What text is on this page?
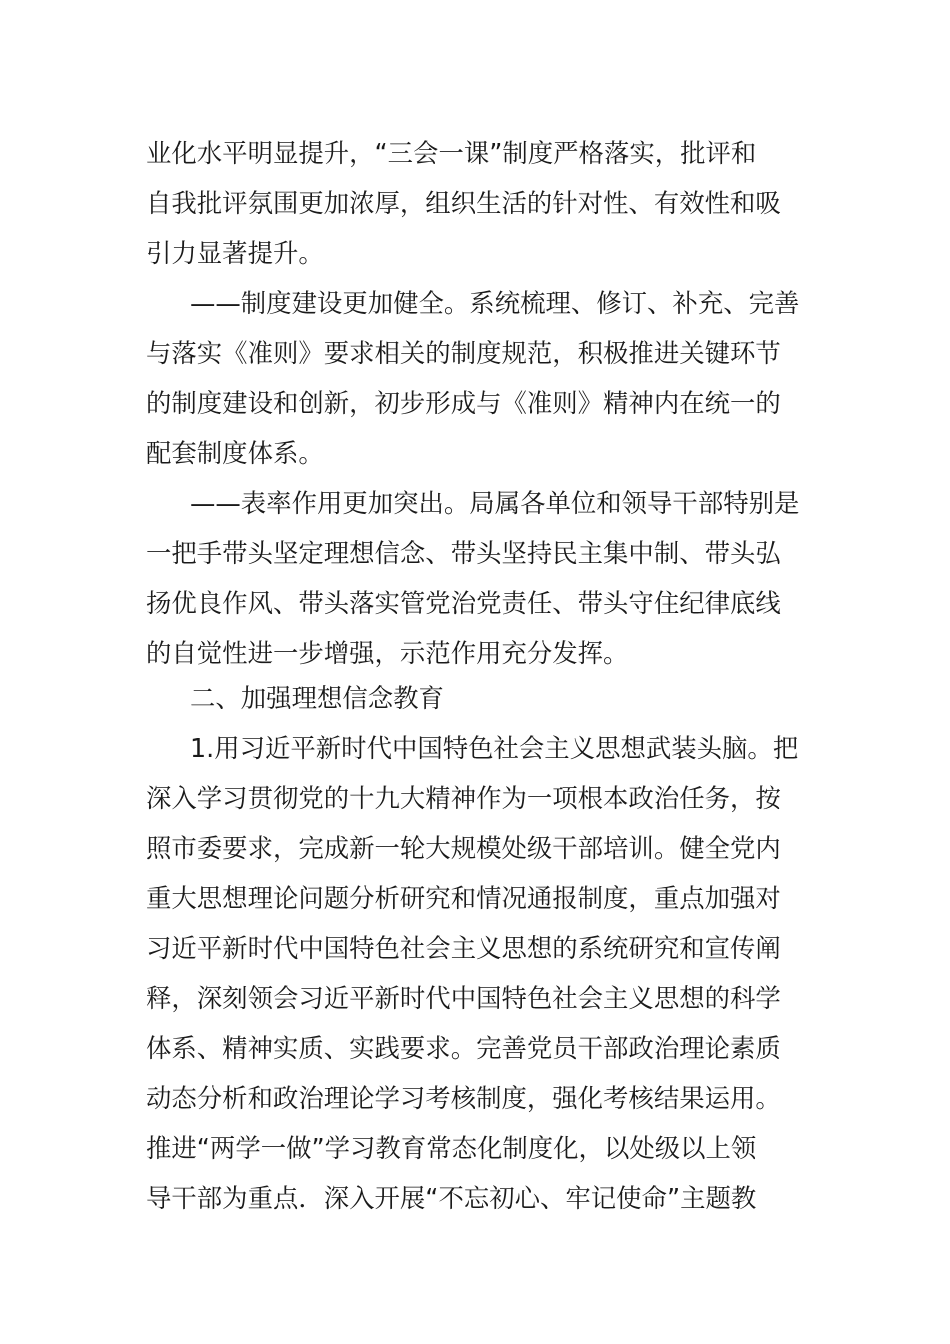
业化水平明显提升，“三会一课”制度严格落实，批评和
自我批评氛围更加浓厚，组织生活的针对性、有效性和吸
引力显著提升。
——制度建设更加健全。系统梳理、修订、补充、完善
与落实《准则》要求相关的制度规范，积极推进关键环节
的制度建设和创新，初步形成与《准则》精神内在统一的
配套制度体系。
——表率作用更加突出。局属各单位和领导干部特别是
一把手带头坚定理想信念、带头坚持民主集中制、带头弘
扬优良作风、带头落实管党治党责任、带头守住纪律底线
的自觉性进一步增强，示范作用充分发挥。
二、加强理想信念教育
1.用习近平新时代中国特色社会主义思想武装头脑。把
深入学习贯彻党的十九大精神作为一项根本政治任务，按
照市委要求，完成新一轮大规模处级干部培训。健全党内
重大思想理论问题分析研究和情况通报制度，重点加强对
习近平新时代中国特色社会主义思想的系统研究和宣传阐
释，深刻领会习近平新时代中国特色社会主义思想的科学
体系、精神实质、实践要求。完善党员干部政治理论素质
动态分析和政治理论学习考核制度，强化考核结果运用。
推进“两学一做”学习教育常态化制度化，以处级以上领
导干部为重点．深入开展“不忘初心、牢记使命”主题教
